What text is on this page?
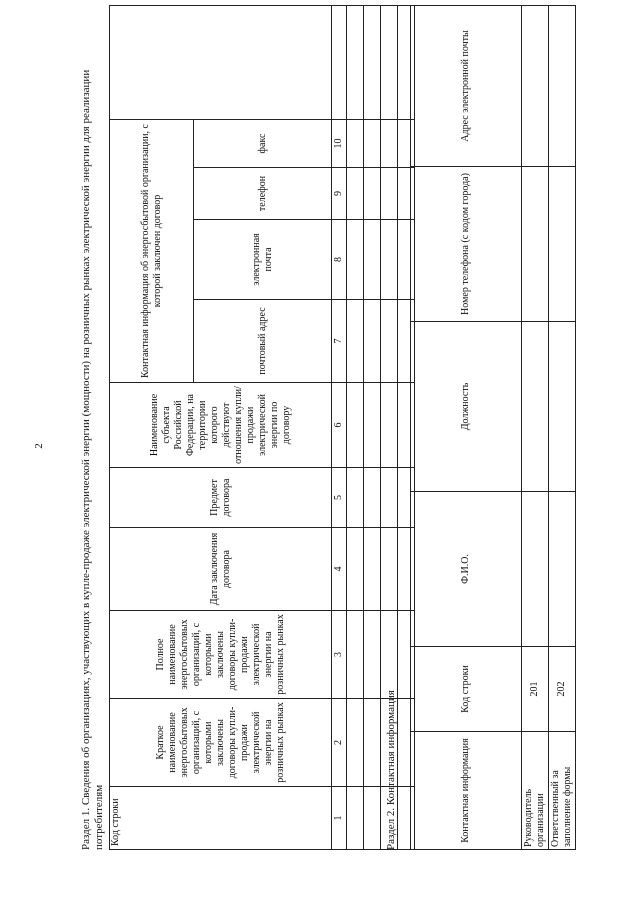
2	Раздел 1. Сведения об организациях, участвующих в купле-продаже электрической энергии (мощности) на розничных рынках электрической энергии для реализации потребителям Код строки	Краткое наименование энергосбытовых организаций, с которыми заключены договоры купли-продажи электрической энергии на розничных рынках	Полное наименование энергосбытовых организаций, с которыми заключены договоры купли-продажи электрической энергии на розничных рынках	Дата заключения договора	Предмет договора	Наименование субъекта Российской Федерации, на территории которого действуют отношения купли/продажи электрической энергии по договору	Контактная информация об энергосбытовой организации, с которой заключен договор				
						почтовый адрес	электронная почта	телефон	факс	
1	2	3	4	5	6	7	8	9	10	

Раздел 2. Контактная информация	Контактная информация	Код строки	Ф.И.О.	Должность	Номер телефона (с кодом города)	Адрес электронной почты
Руководитель организации	201				
Ответственный за заполнение формы	202				
